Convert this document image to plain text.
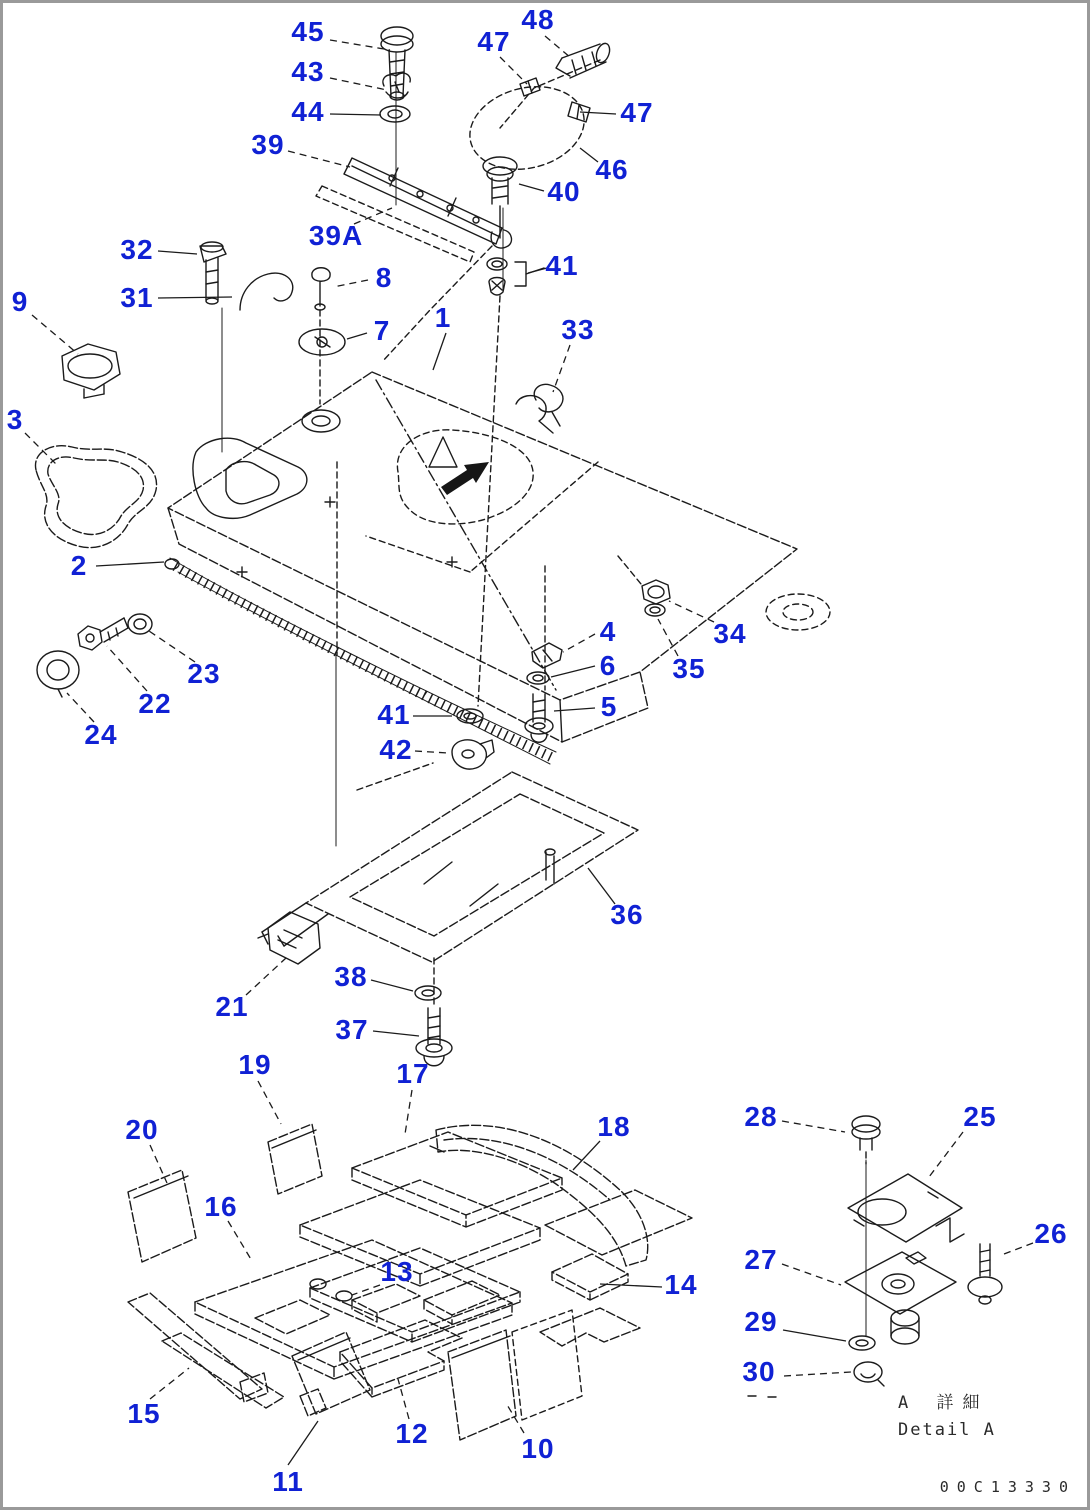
45	48
47
43
44	47
39
46
40
39A
32
8	41
31
9
7 1	33
3
2
4	34
6 35
23
22	5
24
41
42
36
21
38
37
19	17
20	18	28	25
16
26
13	27
14
29
15
30
12	10
11
A 詳細
Detail A
00C13330
